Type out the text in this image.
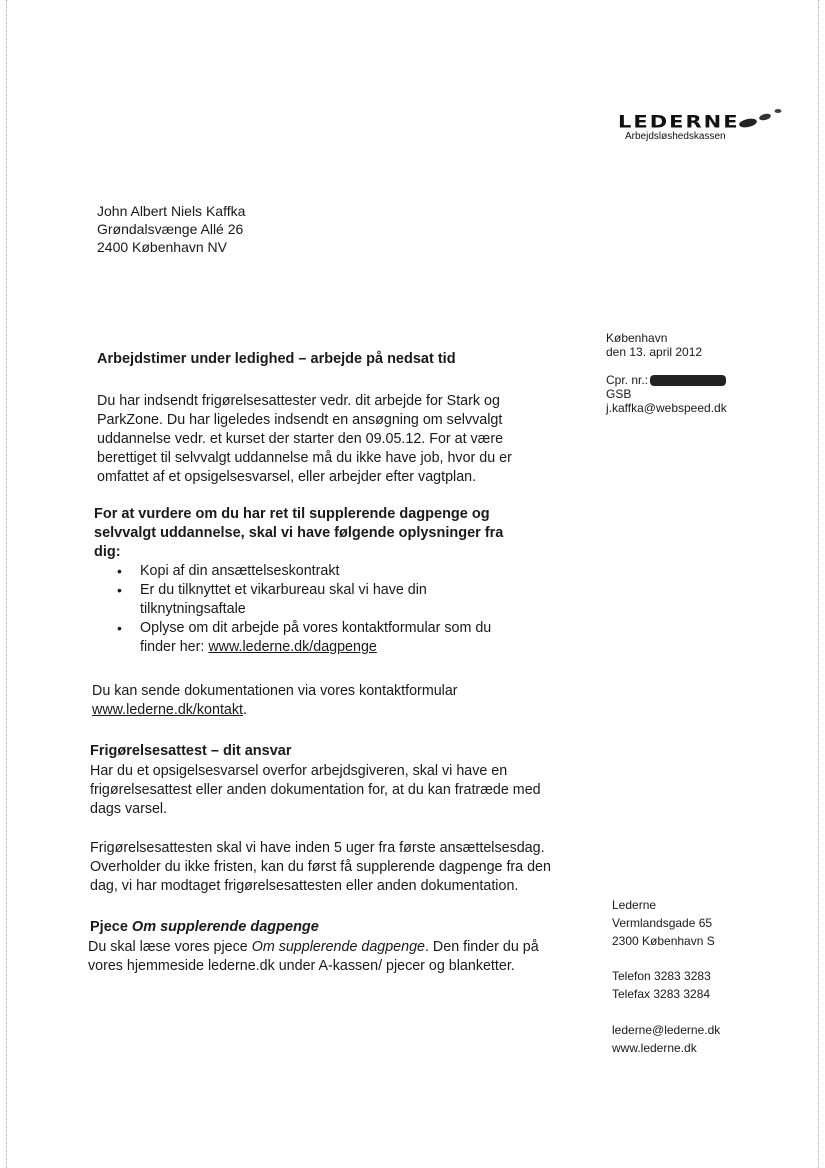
LEDERNE
Arbejdsløshedskassen
John Albert Niels Kaffka
Grøndalsvænge Allé 26
2400 København NV
København
den 13. april 2012
Cpr. nr.:
GSB
j.kaffka@webspeed.dk
Arbejdstimer under ledighed – arbejde på nedsat tid

Du har indsendt frigørelsesattester vedr. dit arbejde for Stark og ParkZone. Du har ligeledes indsendt en ansøgning om selvvalgt uddannelse vedr. et kurset der starter den 09.05.12. For at være berettiget til selvvalgt uddannelse må du ikke have job, hvor du er omfattet af et opsigelsesvarsel, eller arbejder efter vagtplan.

For at vurdere om du har ret til supplerende dagpenge og selvvalgt uddannelse, skal vi have følgende oplysninger fra dig:

• Kopi af din ansættelseskontrakt
• Er du tilknyttet et vikarbureau skal vi have din tilknytningsaftale
• Oplyse om dit arbejde på vores kontaktformular som du finder her: www.lederne.dk/dagpenge

Du kan sende dokumentationen via vores kontaktformular
www.lederne.dk/kontakt.

Frigørelsesattest – dit ansvar

Har du et opsigelsesvarsel overfor arbejdsgiveren, skal vi have en frigørelsesattest eller anden dokumentation for, at du kan fratræde med dags varsel.

Frigørelsesattesten skal vi have inden 5 uger fra første ansættelsesdag. Overholder du ikke fristen, kan du først få supplerende dagpenge fra den dag, vi har modtaget frigørelsesattesten eller anden dokumentation.

Pjece Om supplerende dagpenge

Du skal læse vores pjece Om supplerende dagpenge. Den finder du på vores hjemmeside lederne.dk under A-kassen/ pjecer og blanketter.

Lederne
Vermlandsgade 65
2300 København S
Telefon 3283 3283
Telefax 3283 3284
lederne@lederne.dk
www.lederne.dk
